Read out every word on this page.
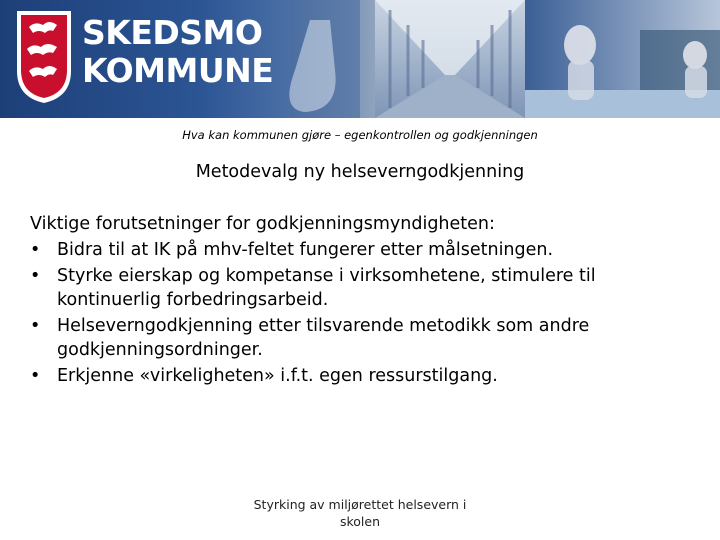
SKEDSMO
KOMMUNE
Hva kan kommunen gjøre – egenkontrollen og godkjenningen
Metodevalg ny helseverngodkjenning

Viktige forutsetninger for godkjenningsmyndigheten:

• Bidra til at IK på mhv-feltet fungerer etter målsetningen.
• Styrke eierskap og kompetanse i virksomhetene, stimulere til kontinuerlig forbedringsarbeid.
• Helseverngodkjenning etter tilsvarende metodikk som andre godkjenningsordninger.
• Erkjenne «virkeligheten» i.f.t. egen ressurstilgang.
Styrking av miljørettet helsevern i
skolen
